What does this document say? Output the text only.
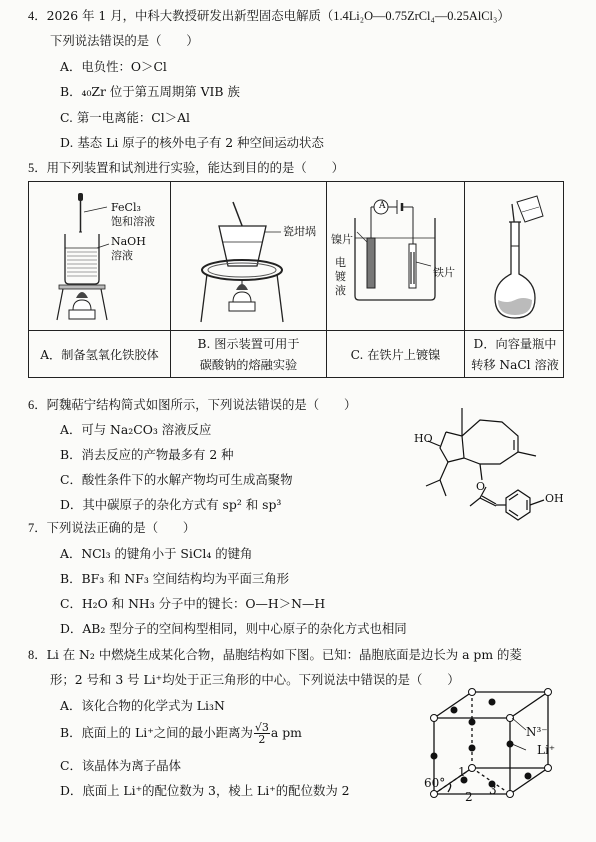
4．2026 年 1 月，中科大教授研发出新型固态电解质（1.4Li₂O—0.75ZrCl₄—0.25AlCl₃）
下列说法错误的是（　　）
A．电负性：O＞Cl
B．₄₀Zr 位于第五周期第 VIB 族
C. 第一电离能：Cl＞Al
D. 基态 Li 原子的核外电子有 2 种空间运动状态
5．用下列装置和试剂进行实验，能达到目的的是（　　）
FeCl₃
饱和溶液
NaOH
溶液
A．制备氢氧化铁胶体
瓷坩埚
B. 图示装置可用于
碳酸钠的熔融实验
A
镍片
电
镀
液
铁片
C. 在铁片上镀镍
D．向容量瓶中
转移 NaCl 溶液
6．阿魏萜宁结构简式如图所示，下列说法错误的是（　　）
A．可与 Na₂CO₃ 溶液反应
B．消去反应的产物最多有 2 种
C．酸性条件下的水解产物均可生成高聚物
D．其中碳原子的杂化方式有 sp² 和 sp³
HO
O
OH
7．下列说法正确的是（　　）
A．NCl₃ 的键角小于 SiCl₄ 的键角
B．BF₃ 和 NF₃ 空间结构均为平面三角形
C．H₂O 和 NH₃ 分子中的键长：O—H＞N—H
D．AB₂ 型分子的空间构型相同，则中心原子的杂化方式也相同
8．Li 在 N₂ 中燃烧生成某化合物，晶胞结构如下图。已知：晶胞底面是边长为 a pm 的菱
形；2 号和 3 号 Li⁺均处于正三角形的中心。下列说法中错误的是（　　）
A．该化合物的化学式为 Li₃N
B．底面上的 Li⁺之间的最小距离为 $\frac{√3}{2}$ a pm
C．该晶体为离子晶体
D．底面上 Li⁺的配位数为 3，棱上 Li⁺的配位数为 2
N³⁻
Li⁺
60°
1
2 3
